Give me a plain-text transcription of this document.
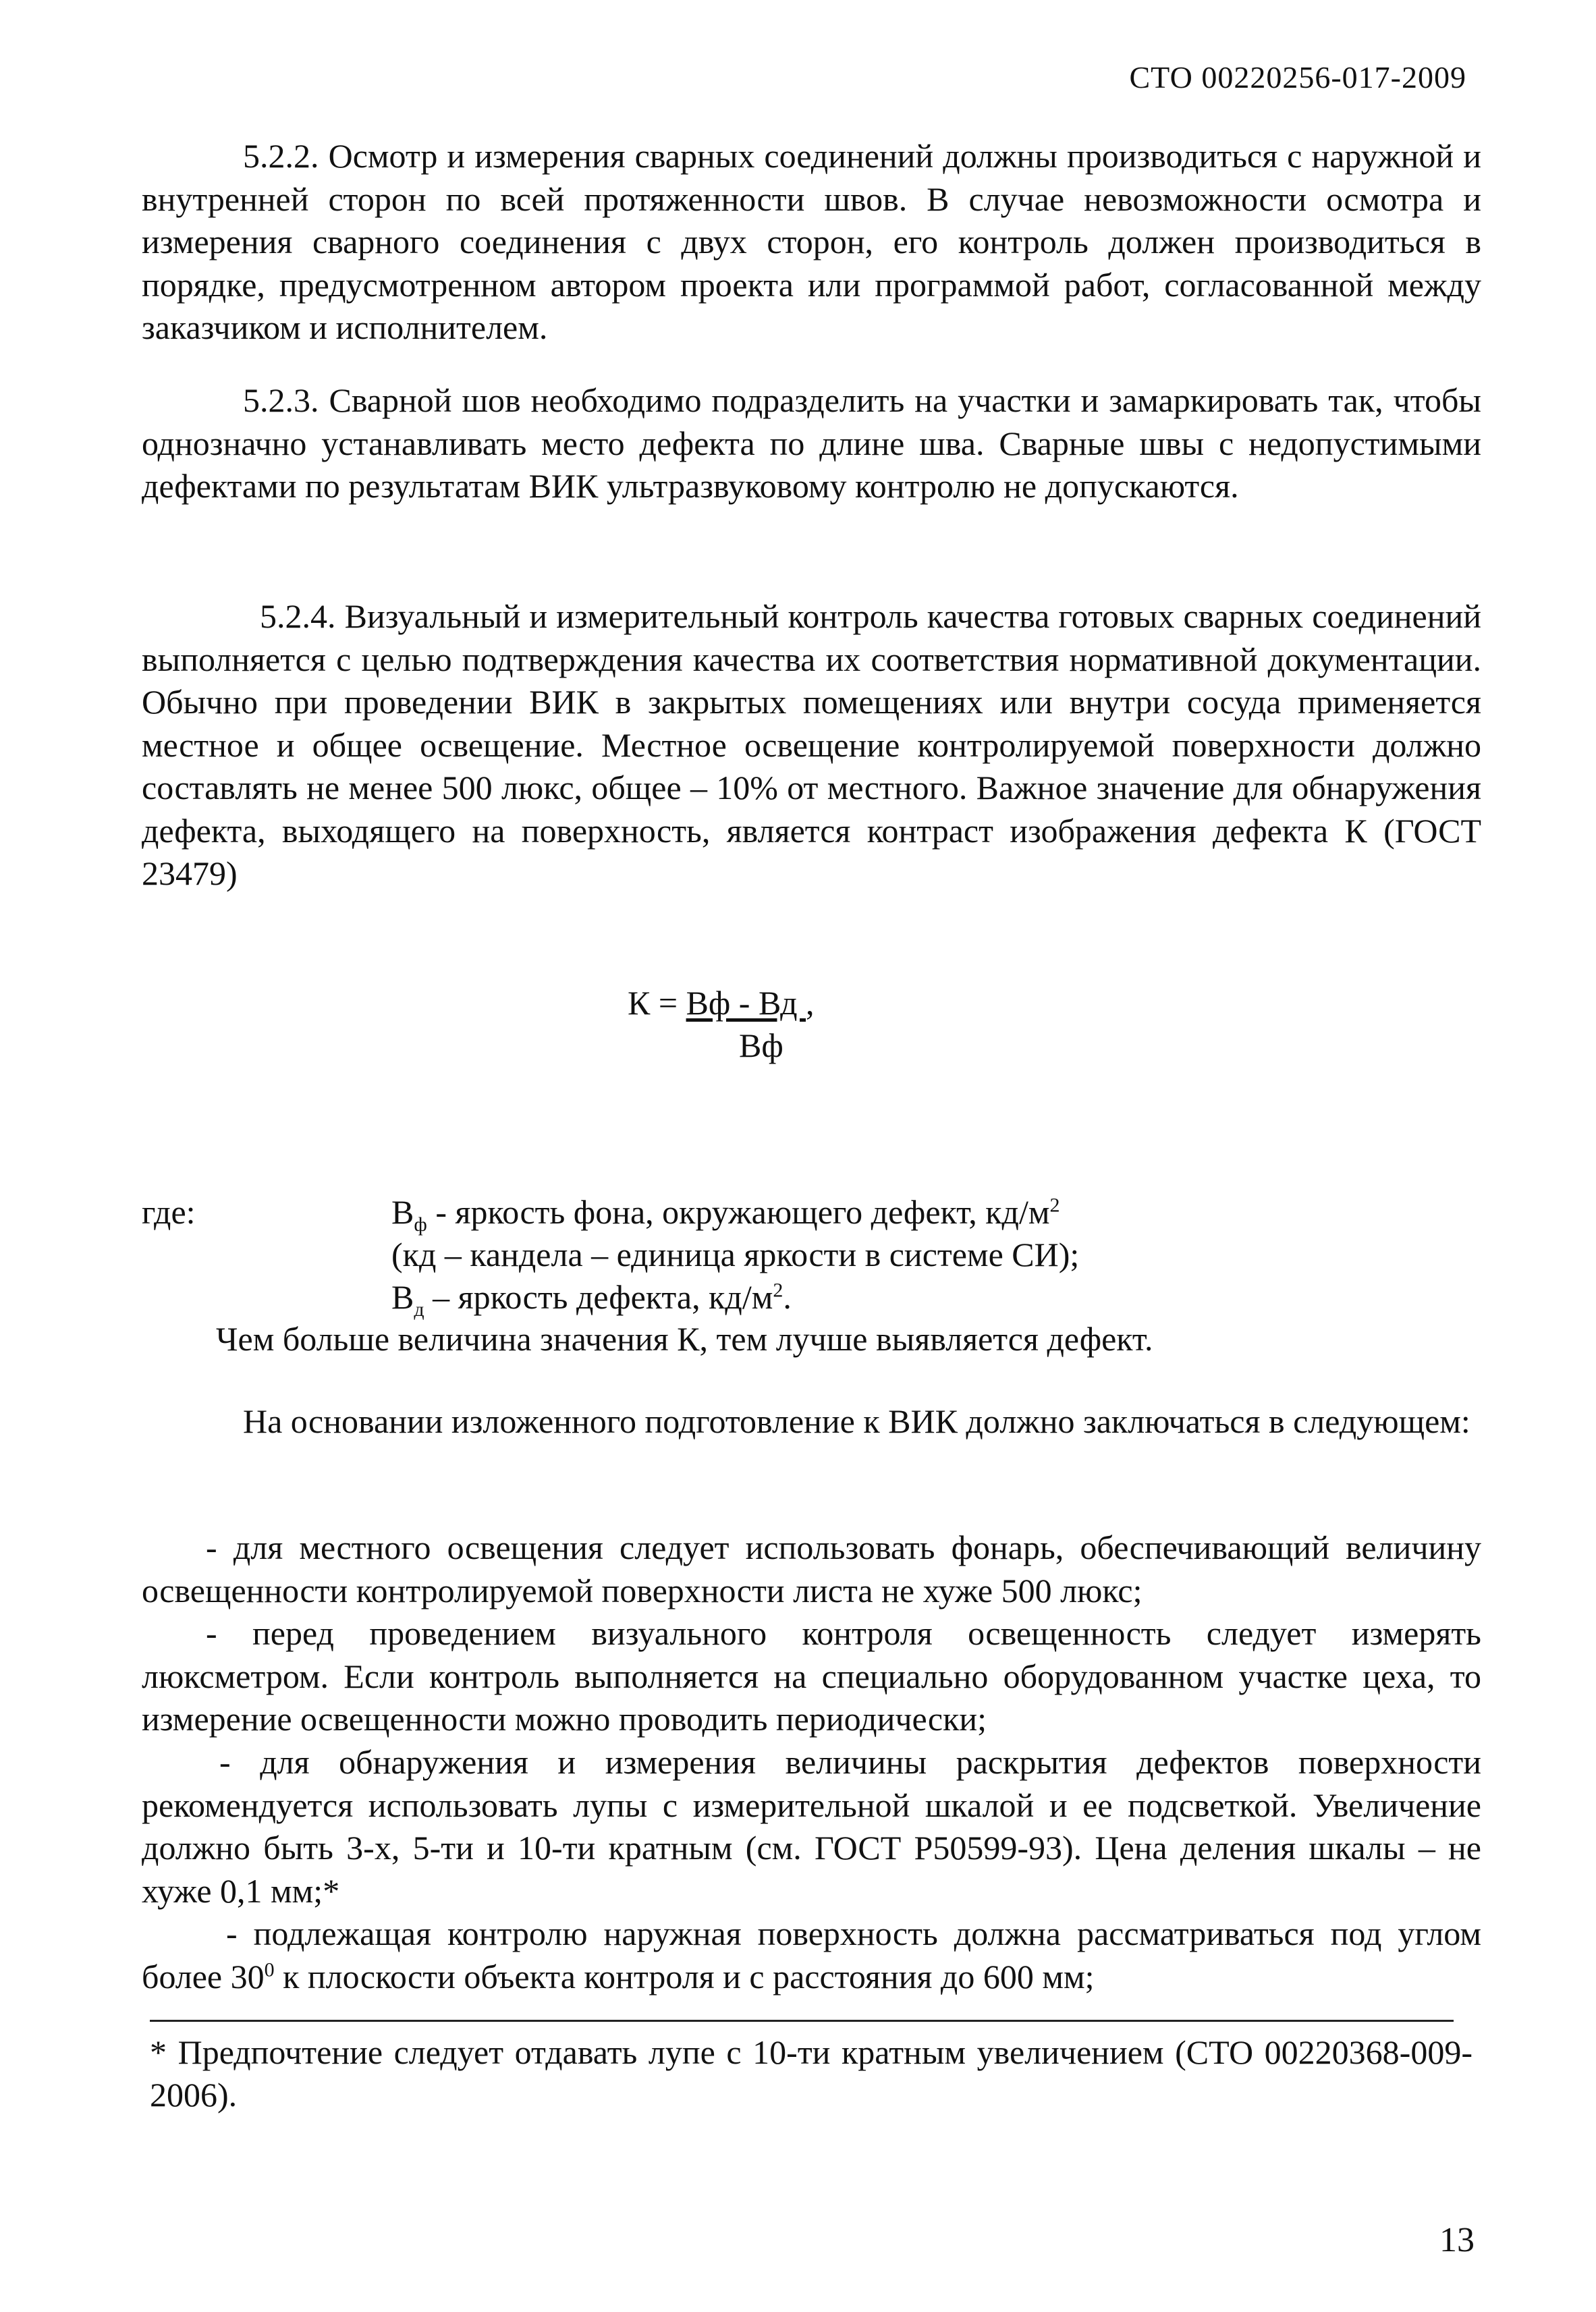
СТО 00220256-017-2009

5.2.2. Осмотр и измерения сварных соединений должны производиться с наружной и внутренней сторон по всей протяженности швов. В случае невозможности осмотра и измерения сварного соединения с двух сторон, его контроль должен производиться в порядке, предусмотренном автором проекта или программой работ, согласованной между заказчиком и исполнителем.

5.2.3. Сварной шов необходимо подразделить на участки и замаркировать так, чтобы однозначно устанавливать место дефекта по длине шва. Сварные швы с недопустимыми дефектами по результатам ВИК ультразвуковому контролю не допускаются.

5.2.4. Визуальный и измерительный контроль качества готовых сварных соединений выполняется с целью подтверждения качества их соответствия нормативной документации. Обычно при проведении ВИК в закрытых помещениях или внутри сосуда применяется местное и общее освещение. Местное освещение контролируемой поверхности должно составлять не менее 500 люкс, общее – 10% от местного. Важное значение для обнаружения дефекта, выходящего на поверхность, является контраст изображения дефекта К (ГОСТ 23479)

К = Вф - Вд ,
Вф
где:	$В_ф$ - яркость фона, окружающего дефект, $кд/м^2$
(кд – кандела – единица яркости в системе СИ);
$В_д$ – яркость дефекта, $кд/м^2$.

Чем больше величина значения К, тем лучше выявляется дефект.

На основании изложенного подготовление к ВИК должно заключаться в следующем:

- для местного освещения следует использовать фонарь, обеспечивающий величину освещенности контролируемой поверхности листа не хуже 500 люкс;

- перед проведением визуального контроля освещенность следует измерять люксметром. Если контроль выполняется на специально оборудованном участке цеха, то измерение освещенности можно проводить периодически;

- для обнаружения и измерения величины раскрытия дефектов поверхности рекомендуется использовать лупы с измерительной шкалой и ее подсветкой. Увеличение должно быть 3-х, 5-ти и 10-ти кратным (см. ГОСТ Р50599-93). Цена деления шкалы – не хуже 0,1 мм;*

- подлежащая контролю наружная поверхность должна рассматриваться под углом более $30^0$ к плоскости объекта контроля и с расстояния до 600 мм;

* Предпочтение следует отдавать лупе с 10-ти кратным увеличением (СТО 00220368-009-2006).

13
